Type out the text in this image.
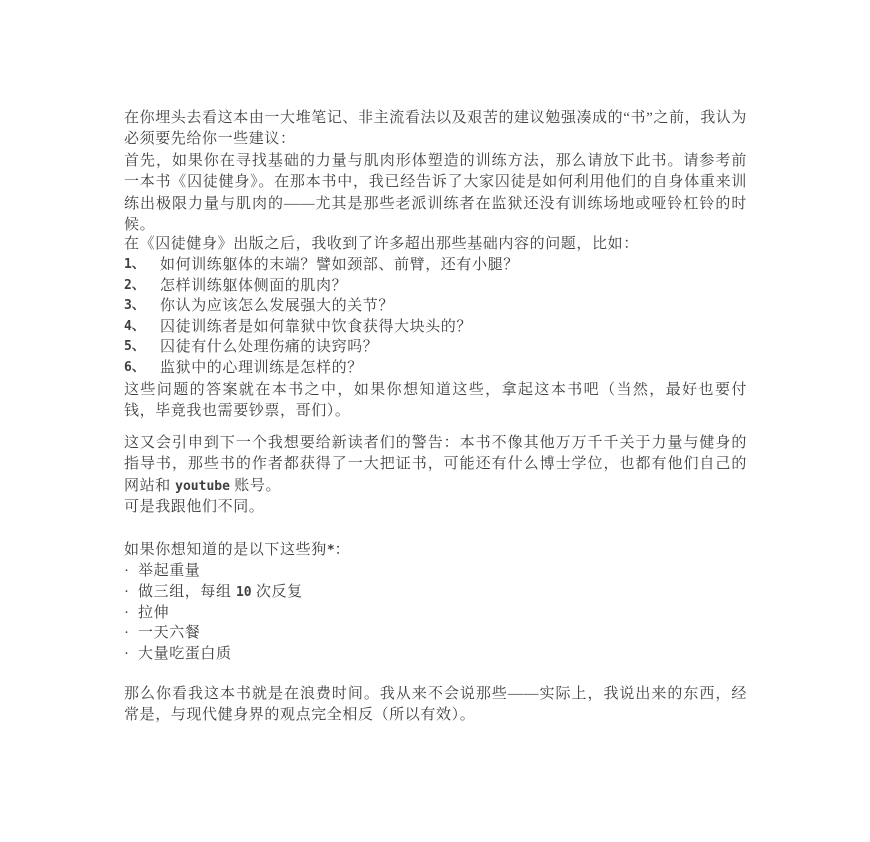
在你埋头去看这本由一大堆笔记、非主流看法以及艰苦的建议勉强凑成的“书”之前，我认为必须要先给你一些建议：

首先，如果你在寻找基础的力量与肌肉形体塑造的训练方法，那么请放下此书。请参考前一本书《囚徒健身》。在那本书中，我已经告诉了大家囚徒是如何利用他们的自身体重来训练出极限力量与肌肉的——尤其是那些老派训练者在监狱还没有训练场地或哑铃杠铃的时候。

在《囚徒健身》出版之后，我收到了许多超出那些基础内容的问题，比如：

1、	如何训练躯体的末端？譬如颈部、前臂，还有小腿？
2、	怎样训练躯体侧面的肌肉？
3、	你认为应该怎么发展强大的关节？
4、	囚徒训练者是如何靠狱中饮食获得大块头的？
5、	囚徒有什么处理伤痛的诀窍吗？
6、	监狱中的心理训练是怎样的？

这些问题的答案就在本书之中，如果你想知道这些，拿起这本书吧（当然，最好也要付钱，毕竟我也需要钞票，哥们）。

这又会引申到下一个我想要给新读者们的警告：本书不像其他万万千千关于力量与健身的指导书，那些书的作者都获得了一大把证书，可能还有什么博士学位，也都有他们自己的网站和 youtube 账号。

可是我跟他们不同。

如果你想知道的是以下这些狗*：

· 举起重量
· 做三组，每组 10 次反复
· 拉伸
· 一天六餐
· 大量吃蛋白质

那么你看我这本书就是在浪费时间。我从来不会说那些——实际上，我说出来的东西，经常是，与现代健身界的观点完全相反（所以有效）。
